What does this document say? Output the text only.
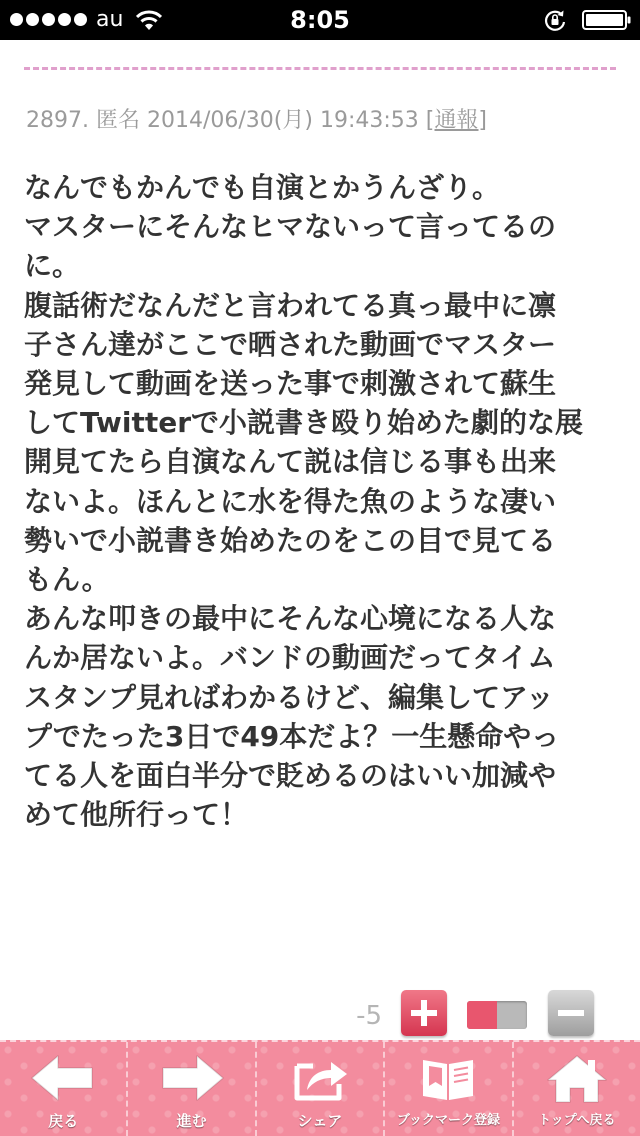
au	8:05
2897. 匿名 2014/06/30(月) 19:43:53 [通報]
なんでもかんでも自演とかうんざり。
マスターにそんなヒマないって言ってるの
に。
腹話術だなんだと言われてる真っ最中に凛
子さん達がここで晒された動画でマスター
発見して動画を送った事で刺激されて蘇生
してTwitterで小説書き殴り始めた劇的な展
開見てたら自演なんて説は信じる事も出来
ないよ。ほんとに水を得た魚のような凄い
勢いで小説書き始めたのをこの目で見てる
もん。
あんな叩きの最中にそんな心境になる人な
んか居ないよ。バンドの動画だってタイム
スタンプ見ればわかるけど、編集してアッ
プでたった3日で49本だよ？一生懸命やっ
てる人を面白半分で貶めるのはいい加減や
めて他所行って！
-5
戻る	進む	シェア	ブックマーク登録	トップへ戻る
